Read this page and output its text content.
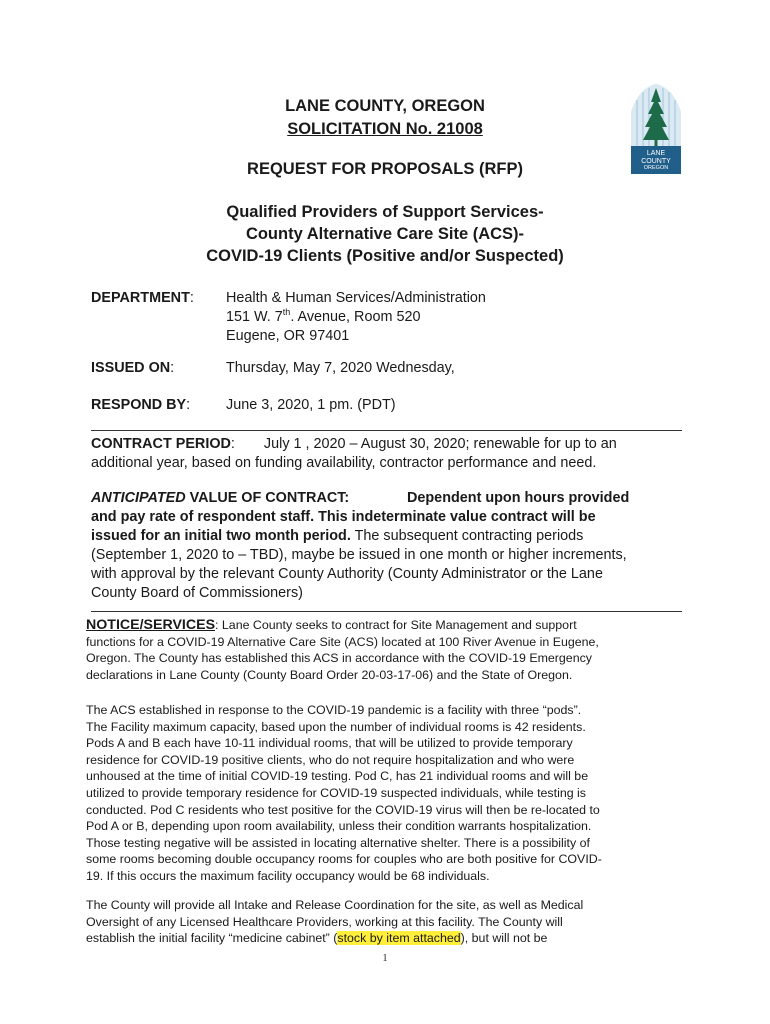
LANE COUNTY, OREGON
SOLICITATION No. 21008
REQUEST FOR PROPOSALS (RFP)
Qualified Providers of Support Services-
County Alternative Care Site (ACS)-
COVID-19 Clients (Positive and/or Suspected)
LANE
COUNTY
OREGON
DEPARTMENT: Health & Human Services/Administration
151 W. 7th. Avenue, Room 520
Eugene, OR 97401
ISSUED ON:	Thursday, May 7, 2020 Wednesday,
RESPOND BY: June 3, 2020, 1 pm. (PDT)
CONTRACT PERIOD: July 1 , 2020 – August 30, 2020; renewable for up to an
additional year, based on funding availability, contractor performance and need.
ANTICIPATED VALUE OF CONTRACT:	Dependent upon hours provided
and pay rate of respondent staff. This indeterminate value contract will be
issued for an initial two month period. The subsequent contracting periods
(September 1, 2020 to – TBD), maybe be issued in one month or higher increments,
with approval by the relevant County Authority (County Administrator or the Lane
County Board of Commissioners)
NOTICE/SERVICES: Lane County seeks to contract for Site Management and support
functions for a COVID-19 Alternative Care Site (ACS) located at 100 River Avenue in Eugene,
Oregon. The County has established this ACS in accordance with the COVID-19 Emergency
declarations in Lane County (County Board Order 20-03-17-06) and the State of Oregon.
The ACS established in response to the COVID-19 pandemic is a facility with three “pods”.
The Facility maximum capacity, based upon the number of individual rooms is 42 residents.
Pods A and B each have 10-11 individual rooms, that will be utilized to provide temporary
residence for COVID-19 positive clients, who do not require hospitalization and who were
unhoused at the time of initial COVID-19 testing. Pod C, has 21 individual rooms and will be
utilized to provide temporary residence for COVID-19 suspected individuals, while testing is
conducted. Pod C residents who test positive for the COVID-19 virus will then be re-located to
Pod A or B, depending upon room availability, unless their condition warrants hospitalization.
Those testing negative will be assisted in locating alternative shelter. There is a possibility of
some rooms becoming double occupancy rooms for couples who are both positive for COVID-
19. If this occurs the maximum facility occupancy would be 68 individuals.
The County will provide all Intake and Release Coordination for the site, as well as Medical
Oversight of any Licensed Healthcare Providers, working at this facility. The County will
establish the initial facility “medicine cabinet” (stock by item attached), but will not be
1
